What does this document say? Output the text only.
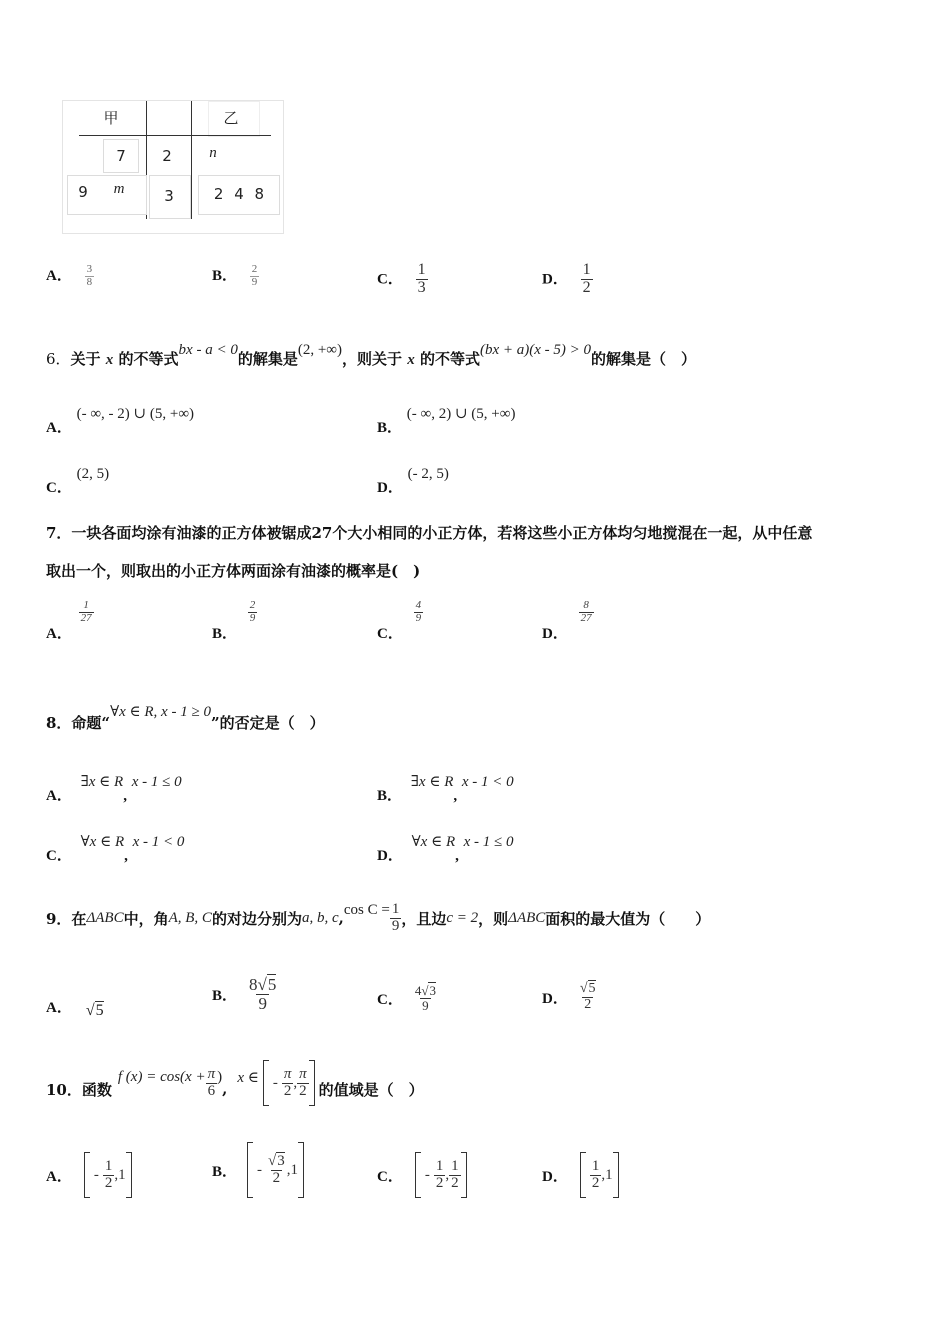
甲	乙
7	2	n
9	m	3	2 4 8
A． $\frac{3}{8}$	B． $\frac{2}{9}$	C． $\frac{1}{3}$	D． $\frac{1}{2}$
6．关于 x 的不等式bx - a < 0的解集是(2, +∞)，则关于 x 的不等式(bx + a)(x - 5) > 0的解集是（　）
A． (- ∞, - 2) ∪ (5, +∞)
B． (- ∞, 2) ∪ (5, +∞)
C． (2, 5)
D． (- 2, 5)
7．一块各面均涂有油漆的正方体被锯成27个大小相同的小正方体，若将这些小正方体均匀地搅混在一起，从中任意
取出一个，则取出的小正方体两面涂有油漆的概率是(　)
A．
$\frac{1}{27}$
B．
$\frac{2}{9}$
C．
$\frac{4}{9}$
D．
$\frac{8}{27}$
8．命题“∀x ∈ R, x - 1 ≥ 0”的否定是（　）
A． ∃x ∈ R, x - 1 ≤ 0
B． ∃x ∈ R, x - 1 < 0
C． ∀x ∈ R, x - 1 < 0
D． ∀x ∈ R, x - 1 ≤ 0
9．在 ΔABC 中，角 A, B, C 的对边分别为 a, b, c , $\cos C = \frac{1}{9}$ ，且边 c = 2 ，则 ΔABC 面积的最大值为（　　）
A． √5
B． $\frac{8√5}{9}$	C． $\frac{4√3}{9}$	D． $\frac{√5}{2}$
10．函数
f $(x) = \cos(x + \frac{\pi}{6}$ )
,
x ∈ - $\frac{\pi}{2}$ , $\frac{\pi}{2}$ 的值域是（　）
A． - $\frac{1}{2} ,1$	B． - $\frac{√3}{2} ,1$	C． - $\frac{1}{2}$ , $\frac{1}{2}$	D． $\frac{1}{2} ,1$
